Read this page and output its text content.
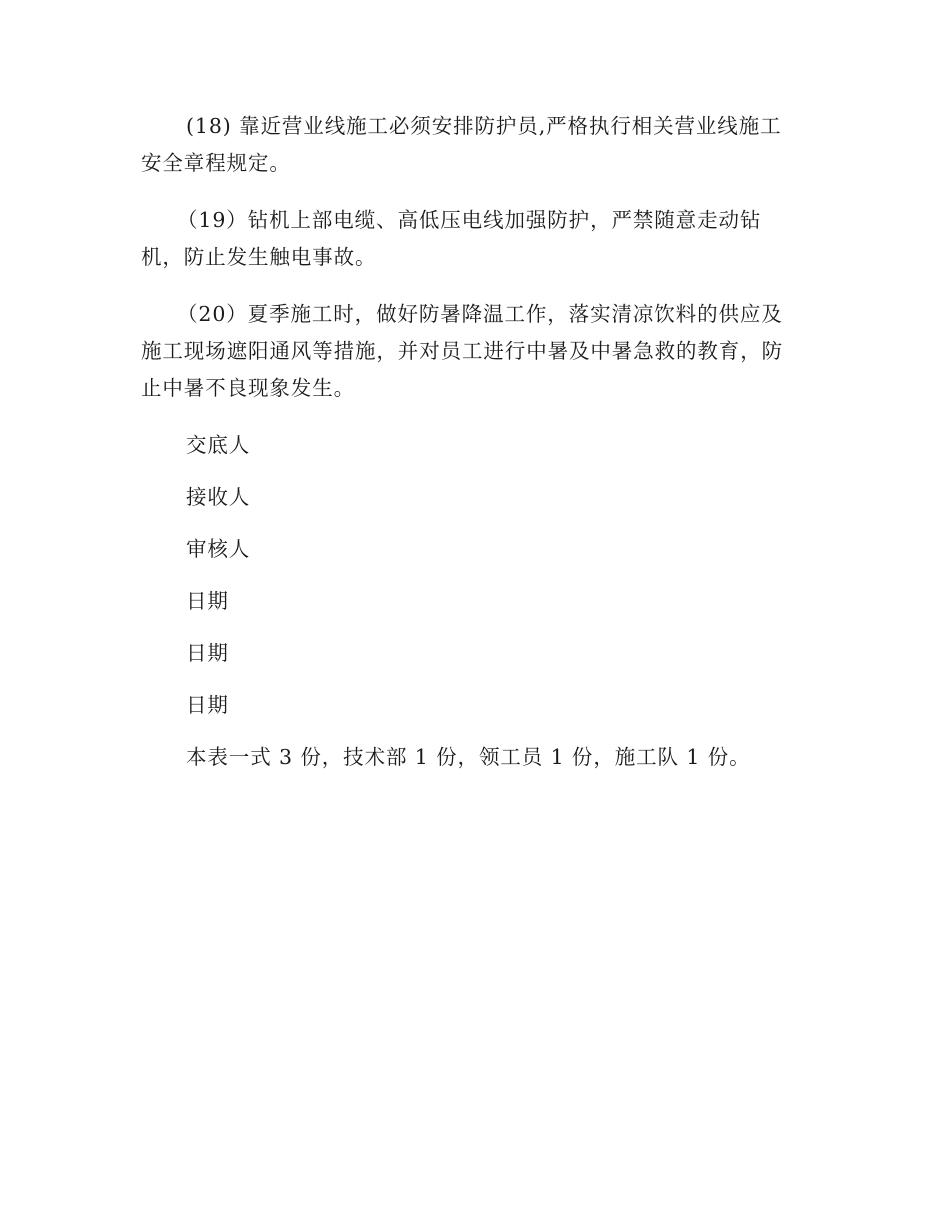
(18) 靠近营业线施工必须安排防护员,严格执行相关营业线施工
安全章程规定。
（19）钻机上部电缆、高低压电线加强防护，严禁随意走动钻
机，防止发生触电事故。
（20）夏季施工时，做好防暑降温工作，落实清凉饮料的供应及
施工现场遮阳通风等措施，并对员工进行中暑及中暑急救的教育，防
止中暑不良现象发生。

交底人

接收人

审核人

日期

日期

日期

本表一式 3 份，技术部 1 份，领工员 1 份，施工队 1 份。
